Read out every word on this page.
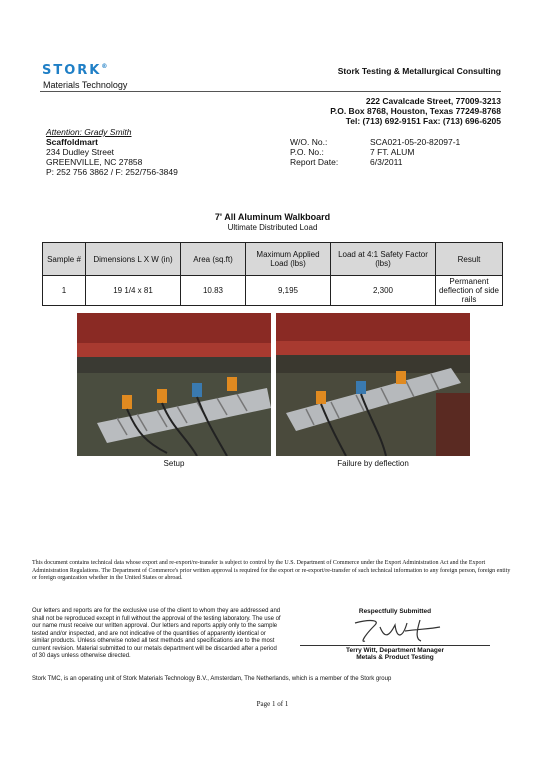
STORK®
Materials Technology
Stork Testing & Metallurgical Consulting
222 Cavalcade Street, 77009-3213
P.O. Box 8768, Houston, Texas 77249-8768
Tel: (713) 692-9151 Fax: (713) 696-6205
Attention: Grady Smith
Scaffoldmart
234 Dudley Street
GREENVILLE, NC 27858
P: 252 756 3862 / F: 252/756-3849
W/O. No.:	SCA021-05-20-82097-1
P.O. No.:	7 FT. ALUM
Report Date:	6/3/2011
7' All Aluminum Walkboard
Ultimate Distributed Load
Sample #	Dimensions L X W (in)	Area (sq.ft)	Maximum Applied Load (lbs)	Load at 4:1 Safety Factor (lbs)	Result
1	19 1/4 x 81	10.83	9,195	2,300	Permanent deflection of side rails
Setup	Failure by deflection
This document contains technical data whose export and re-export/re-transfer is subject to control by the U.S. Department of Commerce under the Export Administration Act and the Export Administration Regulations. The Department of Commerce's prior written approval is required for the export or re-export/re-transfer of such technical information to any foreign person, foreign entity or foreign organization whether in the United States or abroad.
Our letters and reports are for the exclusive use of the client to whom they are addressed and shall not be reproduced except in full without the approval of the testing laboratory. The use of our name must receive our written approval. Our letters and reports apply only to the sample tested and/or inspected, and are not indicative of the quantities of apparently identical or similar products. Unless otherwise noted all test methods and specifications are to the most current revision. Material submitted to our metals department will be discarded after a period of 30 days unless otherwise directed.
Respectfully Submitted
Terry Witt, Department Manager
Metals & Product Testing
Stork TMC, is an operating unit of Stork Materials Technology B.V., Amsterdam, The Netherlands, which is a member of the Stork group
Page 1 of 1
